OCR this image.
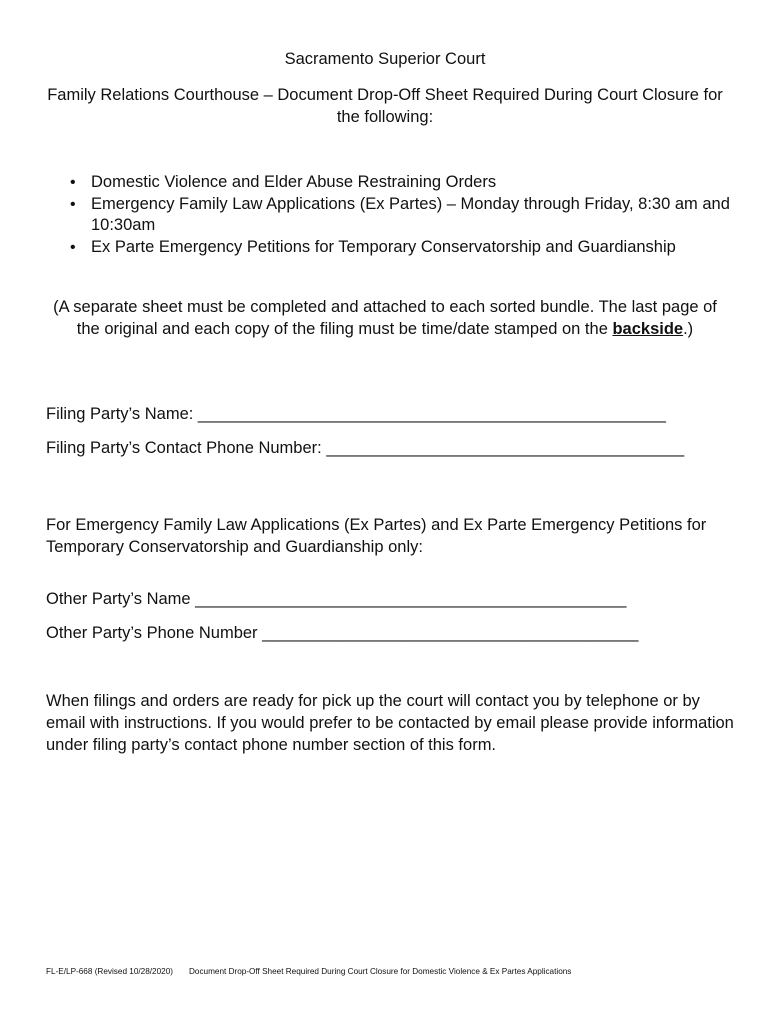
Sacramento Superior Court
Family Relations Courthouse – Document Drop-Off Sheet Required During Court Closure for the following:
• Domestic Violence and Elder Abuse Restraining Orders
• Emergency Family Law Applications (Ex Partes) – Monday through Friday, 8:30 am and 10:30am
• Ex Parte Emergency Petitions for Temporary Conservatorship and Guardianship
(A separate sheet must be completed and attached to each sorted bundle. The last page of the original and each copy of the filing must be time/date stamped on the backside.)
Filing Party’s Name: ___________________________________________________
Filing Party’s Contact Phone Number: _______________________________________
For Emergency Family Law Applications (Ex Partes) and Ex Parte Emergency Petitions for Temporary Conservatorship and Guardianship only:
Other Party’s Name _______________________________________________
Other Party’s Phone Number _________________________________________
When filings and orders are ready for pick up the court will contact you by telephone or by email with instructions. If you would prefer to be contacted by email please provide information under filing party’s contact phone number section of this form.
FL-E/LP-668 (Revised 10/28/2020) Document Drop-Off Sheet Required During Court Closure for Domestic Violence & Ex Partes Applications
